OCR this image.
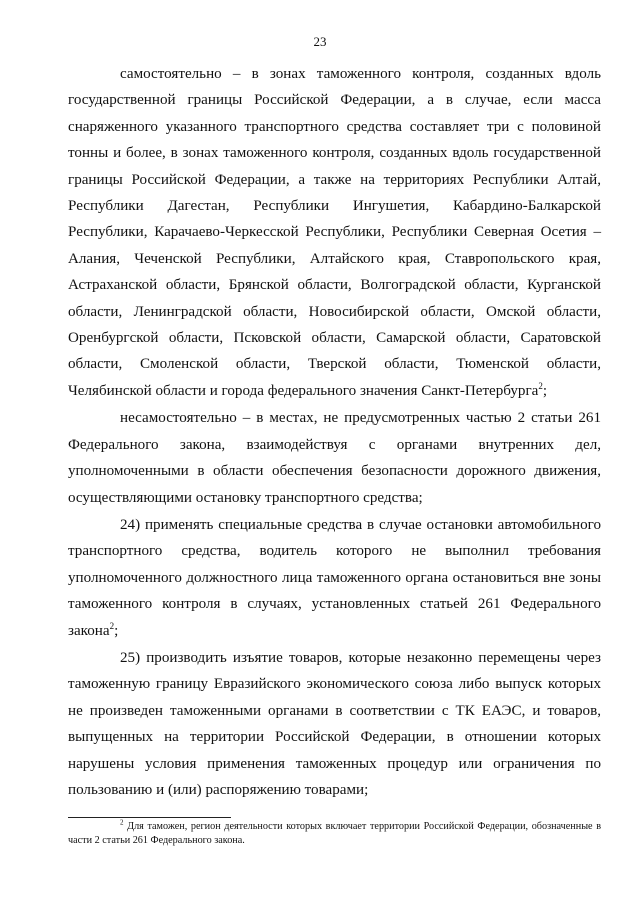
23

самостоятельно – в зонах таможенного контроля, созданных вдоль государственной границы Российской Федерации, а в случае, если масса снаряженного указанного транспортного средства составляет три с половиной тонны и более, в зонах таможенного контроля, созданных вдоль государственной границы Российской Федерации, а также на территориях Республики Алтай, Республики Дагестан, Республики Ингушетия, Кабардино-Балкарской Республики, Карачаево-Черкесской Республики, Республики Северная Осетия – Алания, Чеченской Республики, Алтайского края, Ставропольского края, Астраханской области, Брянской области, Волгоградской области, Курганской области, Ленинградской области, Новосибирской области, Омской области, Оренбургской области, Псковской области, Самарской области, Саратовской области, Смоленской области, Тверской области, Тюменской области, Челябинской области и города федерального значения Санкт-Петербурга$^2$;

несамостоятельно – в местах, не предусмотренных частью 2 статьи 261 Федерального закона, взаимодействуя с органами внутренних дел, уполномоченными в области обеспечения безопасности дорожного движения, осуществляющими остановку транспортного средства;

24) применять специальные средства в случае остановки автомобильного транспортного средства, водитель которого не выполнил требования уполномоченного должностного лица таможенного органа остановиться вне зоны таможенного контроля в случаях, установленных статьей 261 Федерального закона$^2$;

25) производить изъятие товаров, которые незаконно перемещены через таможенную границу Евразийского экономического союза либо выпуск которых не произведен таможенными органами в соответствии с ТК ЕАЭС, и товаров, выпущенных на территории Российской Федерации, в отношении которых нарушены условия применения таможенных процедур или ограничения по пользованию и (или) распоряжению товарами;

$^2$ Для таможен, регион деятельности которых включает территории Российской Федерации, обозначенные в части 2 статьи 261 Федерального закона.
